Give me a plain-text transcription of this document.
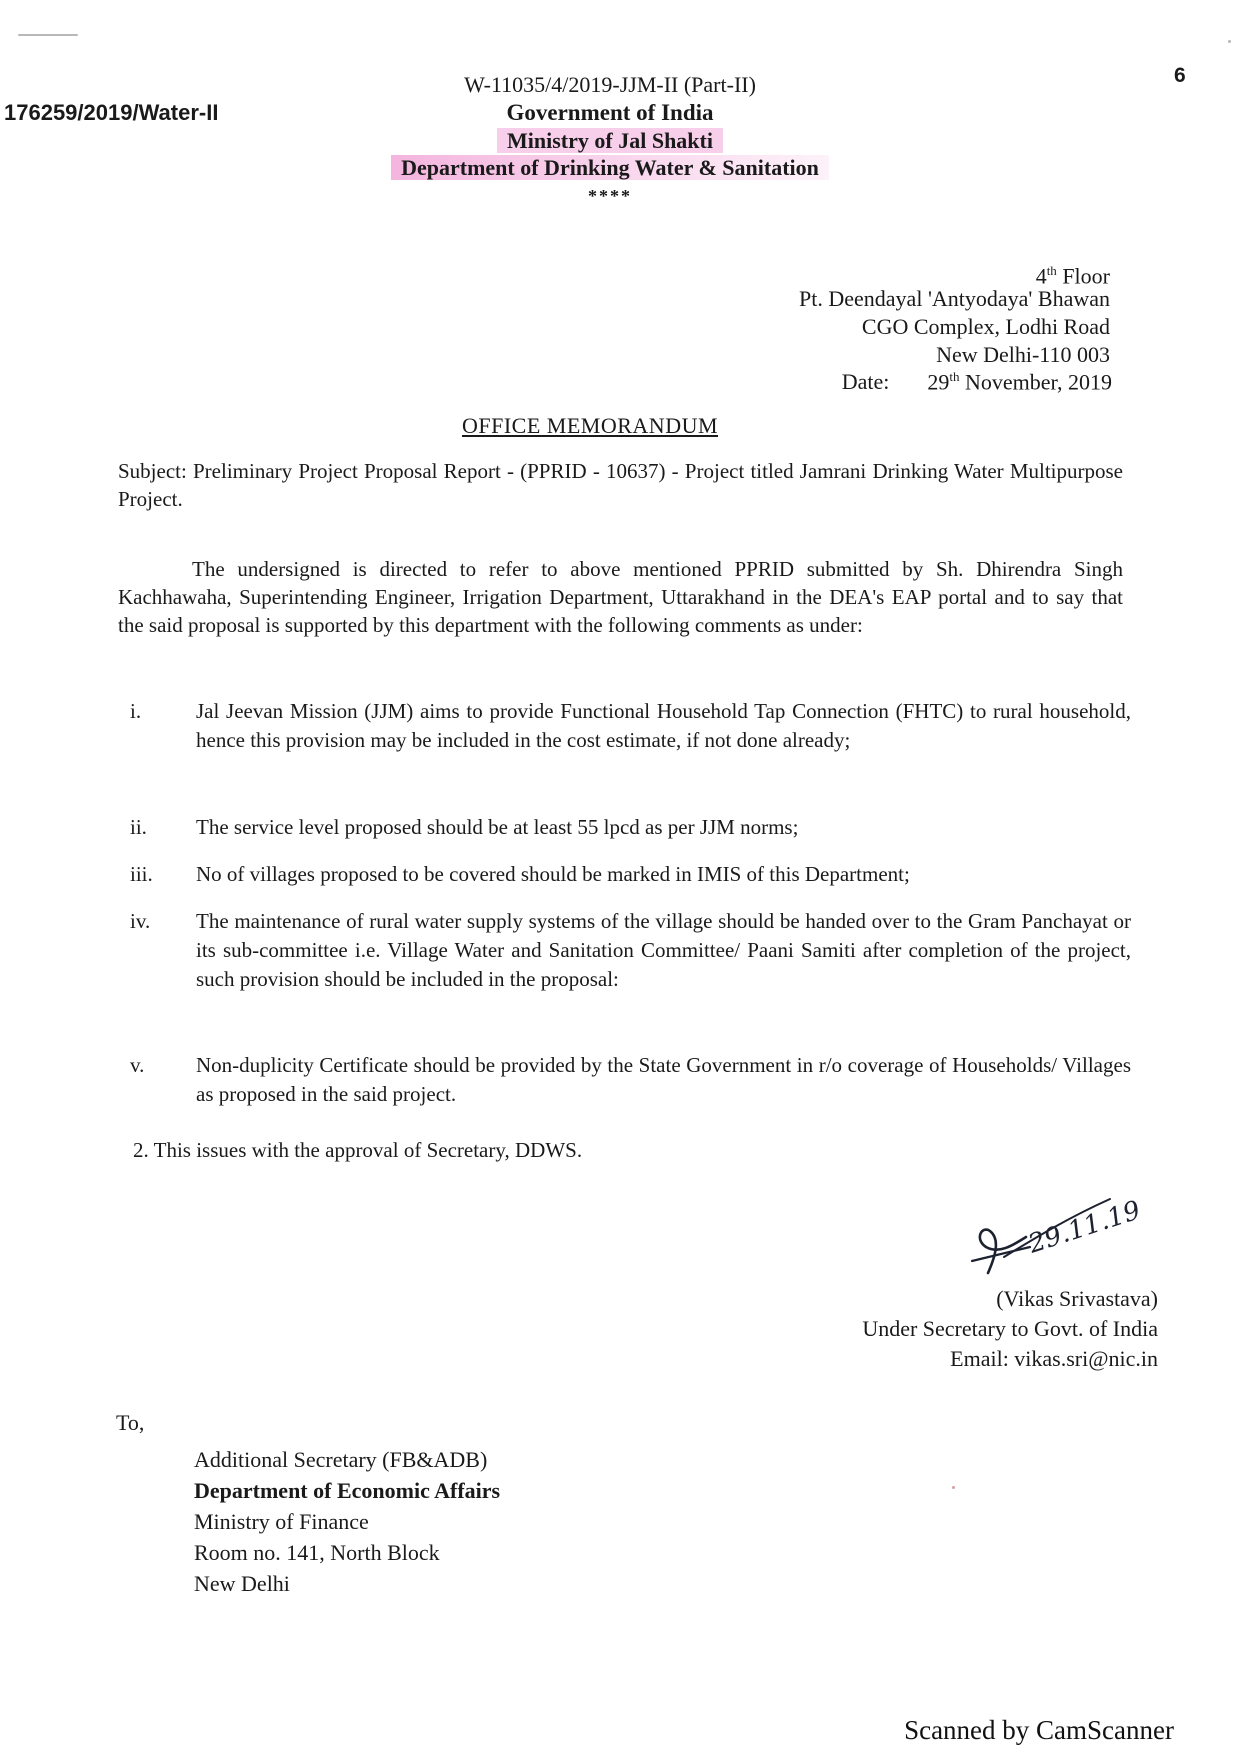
176259/2019/Water-II
6
W-11035/4/2019-JJM-II (Part-II)
Government of India
Ministry of Jal Shakti
Department of Drinking Water & Sanitation
****
4th Floor
Pt. Deendayal 'Antyodaya' Bhawan
CGO Complex, Lodhi Road
New Delhi-110 003
Date: 29th November, 2019
OFFICE MEMORANDUM
Subject: Preliminary Project Proposal Report - (PPRID - 10637) - Project titled Jamrani Drinking Water Multipurpose Project.
The undersigned is directed to refer to above mentioned PPRID submitted by Sh. Dhirendra Singh Kachhawaha, Superintending Engineer, Irrigation Department, Uttarakhand in the DEA's EAP portal and to say that the said proposal is supported by this department with the following comments as under:
i.	Jal Jeevan Mission (JJM) aims to provide Functional Household Tap Connection (FHTC) to rural household, hence this provision may be included in the cost estimate, if not done already;
ii.	The service level proposed should be at least 55 lpcd as per JJM norms;
iii.	No of villages proposed to be covered should be marked in IMIS of this Department;
iv.	The maintenance of rural water supply systems of the village should be handed over to the Gram Panchayat or its sub-committee i.e. Village Water and Sanitation Committee/ Paani Samiti after completion of the project, such provision should be included in the proposal:
v.	Non-duplicity Certificate should be provided by the State Government in r/o coverage of Households/ Villages as proposed in the said project.
2. This issues with the approval of Secretary, DDWS.
29.11.19
(Vikas Srivastava)
Under Secretary to Govt. of India
Email: vikas.sri@nic.in
To,
Additional Secretary (FB&ADB)
Department of Economic Affairs
Ministry of Finance
Room no. 141, North Block
New Delhi
Scanned by CamScanner
